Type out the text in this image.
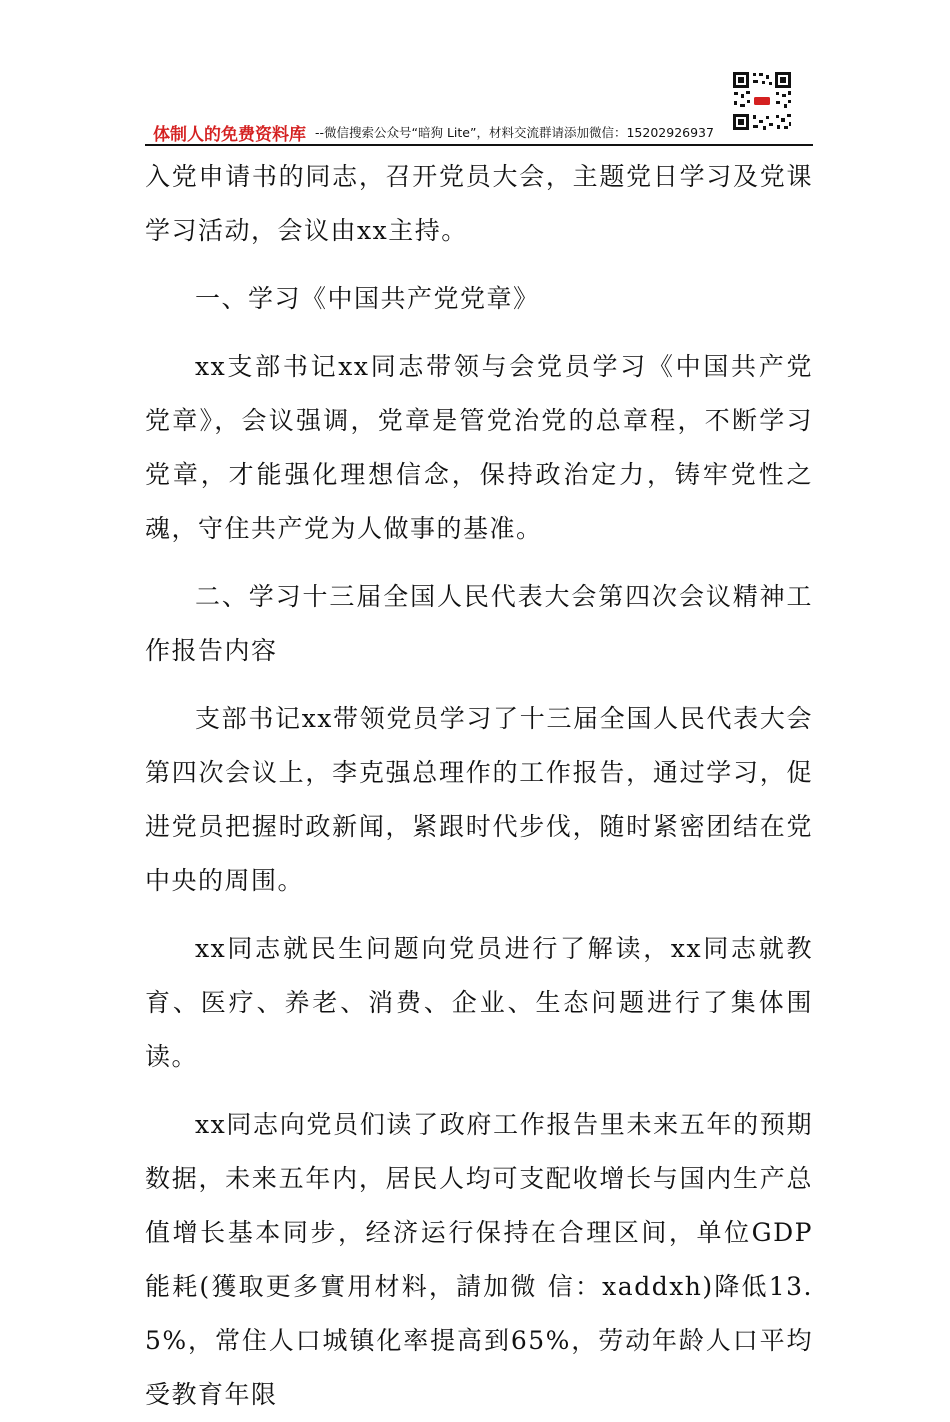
体制人的免费资料库 --微信搜索公众号“暗狗 Lite”，材料交流群请添加微信：15202926937

入党申请书的同志，召开党员大会，主题党日学习及党课学习活动，会议由xx主持。

一、学习《中国共产党党章》

xx支部书记xx同志带领与会党员学习《中国共产党党章》，会议强调，党章是管党治党的总章程，不断学习党章，才能强化理想信念，保持政治定力，铸牢党性之魂，守住共产党为人做事的基准。

二、学习十三届全国人民代表大会第四次会议精神工作报告内容

支部书记xx带领党员学习了十三届全国人民代表大会第四次会议上，李克强总理作的工作报告，通过学习，促进党员把握时政新闻，紧跟时代步伐，随时紧密团结在党中央的周围。

xx同志就民生问题向党员进行了解读，xx同志就教育、医疗、养老、消费、企业、生态问题进行了集体围读。

xx同志向党员们读了政府工作报告里未来五年的预期数据，未来五年内，居民人均可支配收增长与国内生产总值增长基本同步，经济运行保持在合理区间，单位GDP能耗(獲取更多實用材料，請加微 信：xaddxh)降低13.5%，常住人口城镇化率提高到65%，劳动年龄人口平均受教育年限
